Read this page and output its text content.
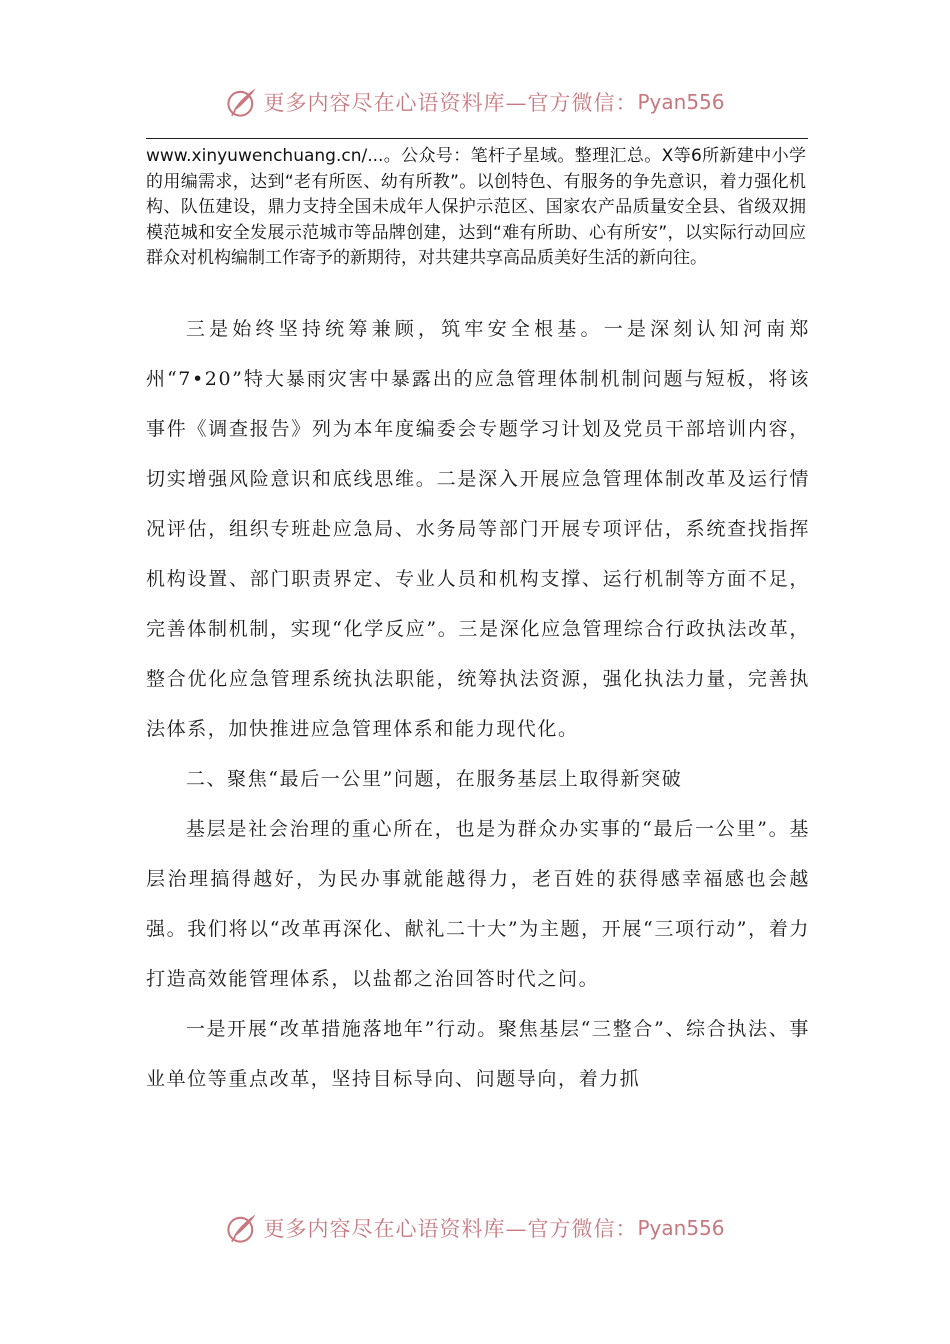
更多内容尽在心语资料库—官方微信： Pyan556

www.xinyuwenchuang.cn/...。公众号：笔杆子星域。整理汇总。X等6所新建中小学的用编需求，达到“老有所医、幼有所教”。以创特色、有服务的争先意识，着力强化机构、队伍建设，鼎力支持全国未成年人保护示范区、国家农产品质量安全县、省级双拥模范城和安全发展示范城市等品牌创建，达到“难有所助、心有所安”，以实际行动回应群众对机构编制工作寄予的新期待，对共建共享高品质美好生活的新向往。

三是始终坚持统筹兼顾，筑牢安全根基。一是深刻认知河南郑州“7•20”特大暴雨灾害中暴露出的应急管理体制机制问题与短板，将该事件《调查报告》列为本年度编委会专题学习计划及党员干部培训内容，切实增强风险意识和底线思维。二是深入开展应急管理体制改革及运行情况评估，组织专班赴应急局、水务局等部门开展专项评估，系统查找指挥机构设置、部门职责界定、专业人员和机构支撑、运行机制等方面不足，完善体制机制，实现“化学反应”。三是深化应急管理综合行政执法改革，整合优化应急管理系统执法职能，统筹执法资源，强化执法力量，完善执法体系，加快推进应急管理体系和能力现代化。

二、聚焦“最后一公里”问题，在服务基层上取得新突破

基层是社会治理的重心所在，也是为群众办实事的“最后一公里”。基层治理搞得越好，为民办事就能越得力，老百姓的获得感幸福感也会越强。我们将以“改革再深化、献礼二十大”为主题，开展“三项行动”，着力打造高效能管理体系，以盐都之治回答时代之问。

一是开展“改革措施落地年”行动。聚焦基层“三整合”、综合执法、事业单位等重点改革，坚持目标导向、问题导向，着力抓

更多内容尽在心语资料库—官方微信： Pyan556
